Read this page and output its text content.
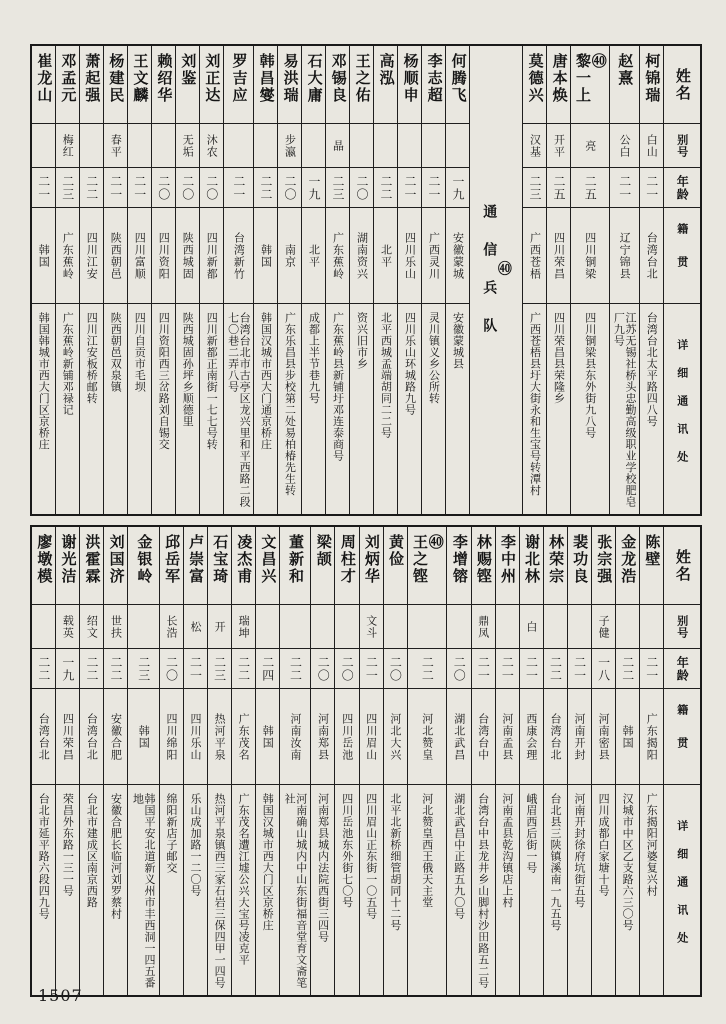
姓名
别号
年龄
籍贯
详细通讯处
柯锦瑞
白山
二一
台湾台北
台湾台北太平路四八号
赵熹
公白
二一
辽宁锦县
江苏无锡社桥头忠勤高级职业学校肥皂厂九号
黎一上
㊵
亮
二五
四川铜梁
四川铜梁县东外街九八号
唐本焕
开平
二五
四川荣昌
四川荣昌县荣隆乡
莫德兴
汉基
二三
广西苍梧
广西苍梧县圩大街永和生宝号转潭村
通信兵队
㊵
何腾飞
一九
安徽蒙城
安徽蒙城县
李志超
二一
广西灵川
灵川镇义乡公所转
杨顺申
二一
四川乐山
四川乐山环城路九号
高泓
二二
北平
北平西城孟端胡同二二号
王之佑
二〇
湖南资兴
资兴旧市乡
邓锡良
晶
二三
广东蕉岭
广东蕉岭县新铺圩邓连泰商号
石大庸
一九
北平
成都上半节巷九号
易洪瑞
步瀛
二〇
南京
广东乐昌县步校第二处易柏椿先生转
韩昌燮
二二
韩国
韩国汉城市西大门通京桥庄
罗吉应
二一
台湾新竹
台湾台北市古亭区龙兴里和平西路二段七〇巷二弄八号
刘正达
沐农
二〇
四川新都
四川新都正南街一七七号转
刘鉴
无垢
二〇
陕西城固
陕西城固孙坪乡顺德里
赖绍华
二〇
四川资阳
四川资阳西三岔路刘自锡交
王文麟
二一
四川富顺
四川自贡市毛坝
杨建民
春平
二一
陕西朝邑
陕西朝邑双泉镇
萧起强
二二
四川江安
四川江安板桥邮转
邓孟元
梅红
二三
广东蕉岭
广东蕉岭新铺邓禄记
崔龙山
二一
韩国
韩国韩城市西大门区京桥庄
姓名
别号
年龄
籍贯
详细通讯处
陈壁
二一
广东揭阳
广东揭阳河婆复兴村
金龙浩
二二
韩国
汉城市中区乙支路六三〇号
张宗强
子健
一八
河南密县
四川成都白家塘十号
裴功良
二一
河南开封
河南开封徐府坑街五号
林荣宗
二二
台湾台北
台北县三陕镇溪南一九五号
谢北林
白
二一
西康会理
峨眉西后街一号
李中州
二一
河南孟县
河南孟县乾沟镇店上村
林赐铿
鼎凤
二一
台湾台中
台湾台中县龙井乡山脚村沙田路五二号
李增镕
二〇
湖北武昌
湖北武昌中正路五九〇号
王之铿
㊵
二二
河北赞皇
河北赞皇西王俄天主堂
黄俭
二〇
河北大兴
北平北新桥细管胡同十二号
刘炳华
文斗
二一
四川眉山
四川眉山正东街一〇五号
周柱才
二〇
四川岳池
四川岳池东外街七〇号
梁颉
二〇
河南郑县
河南郑县城内法院西街三四号
董新和
二二
河南汝南
河南确山城内中山东街福音堂育文斋笔社
文昌兴
二四
韩国
韩国汉城市西大门区京桥庄
凌杰甫
瑞坤
二二
广东茂名
广东茂名遭江墟公兴大宝号凌克平
石宝琦
开
二三
热河平泉
热河平泉镇西三家石岩三保四甲一四号
卢崇富
松
二一
四川乐山
乐山成加路一二〇号
邱岳军
长浩
二〇
四川绵阳
绵阳新店子邮交
金银岭
二三
韩国
韩国平安北道新义州市丰西洞一四五番地
刘国济
世扶
二二
安徽合肥
安徽合肥长临河刘罗蔡村
洪霍霖
绍文
二二
台湾台北
台北市建成区南京西路
谢光洁
载英
一九
四川荣昌
荣昌外东路一三一号
廖墩模
二二
台湾台北
台北市延平路六段四九号
1507
